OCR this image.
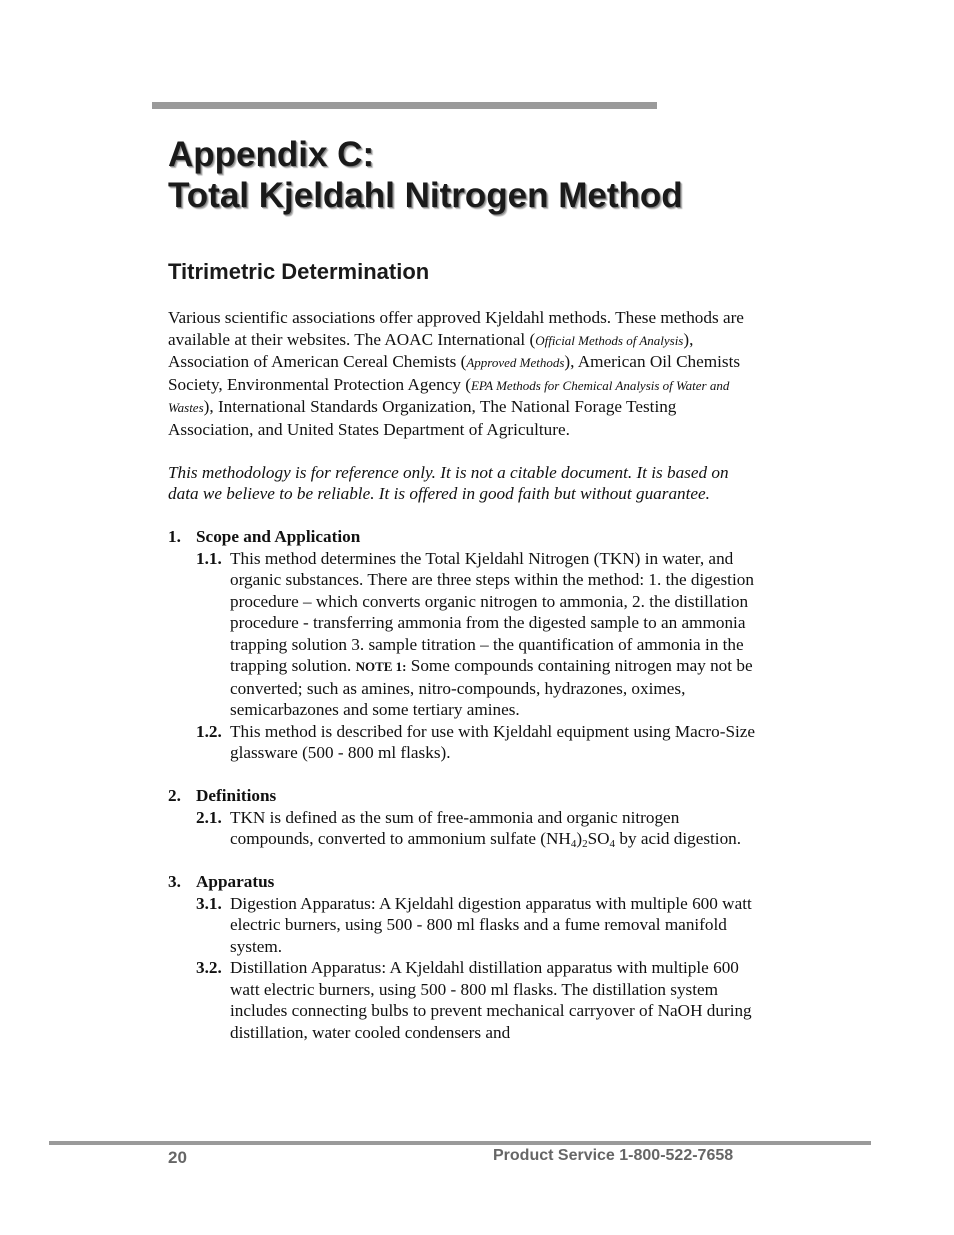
Appendix C:
Total Kjeldahl Nitrogen Method
Titrimetric Determination

Various scientific associations offer approved Kjeldahl methods. These methods are available at their websites. The AOAC International (Official Methods of Analysis), Association of American Cereal Chemists (Approved Methods), American Oil Chemists Society, Environmental Protection Agency (EPA Methods for Chemical Analysis of Water and Wastes), International Standards Organization, The National Forage Testing Association, and United States Department of Agriculture.

This methodology is for reference only. It is not a citable document. It is based on data we believe to be reliable. It is offered in good faith but without guarantee.

1. Scope and Application
1.1. This method determines the Total Kjeldahl Nitrogen (TKN) in water, and organic substances. There are three steps within the method: 1. the digestion procedure – which converts organic nitrogen to ammonia, 2. the distillation procedure - transferring ammonia from the digested sample to an ammonia trapping solution 3. sample titration – the quantification of ammonia in the trapping solution. NOTE 1: Some compounds containing nitrogen may not be converted; such as amines, nitro-compounds, hydrazones, oximes, semicarbazones and some tertiary amines.
1.2. This method is described for use with Kjeldahl equipment using Macro-Size glassware (500 - 800 ml flasks).
2. Definitions
2.1. TKN is defined as the sum of free-ammonia and organic nitrogen compounds, converted to ammonium sulfate $(NH_4)_2SO_4$ by acid digestion.
3. Apparatus
3.1. Digestion Apparatus: A Kjeldahl digestion apparatus with multiple 600 watt electric burners, using 500 - 800 ml flasks and a fume removal manifold system.
3.2. Distillation Apparatus: A Kjeldahl distillation apparatus with multiple 600 watt electric burners, using 500 - 800 ml flasks. The distillation system includes connecting bulbs to prevent mechanical carryover of NaOH during distillation, water cooled condensers and
20	Product Service 1-800-522-7658
